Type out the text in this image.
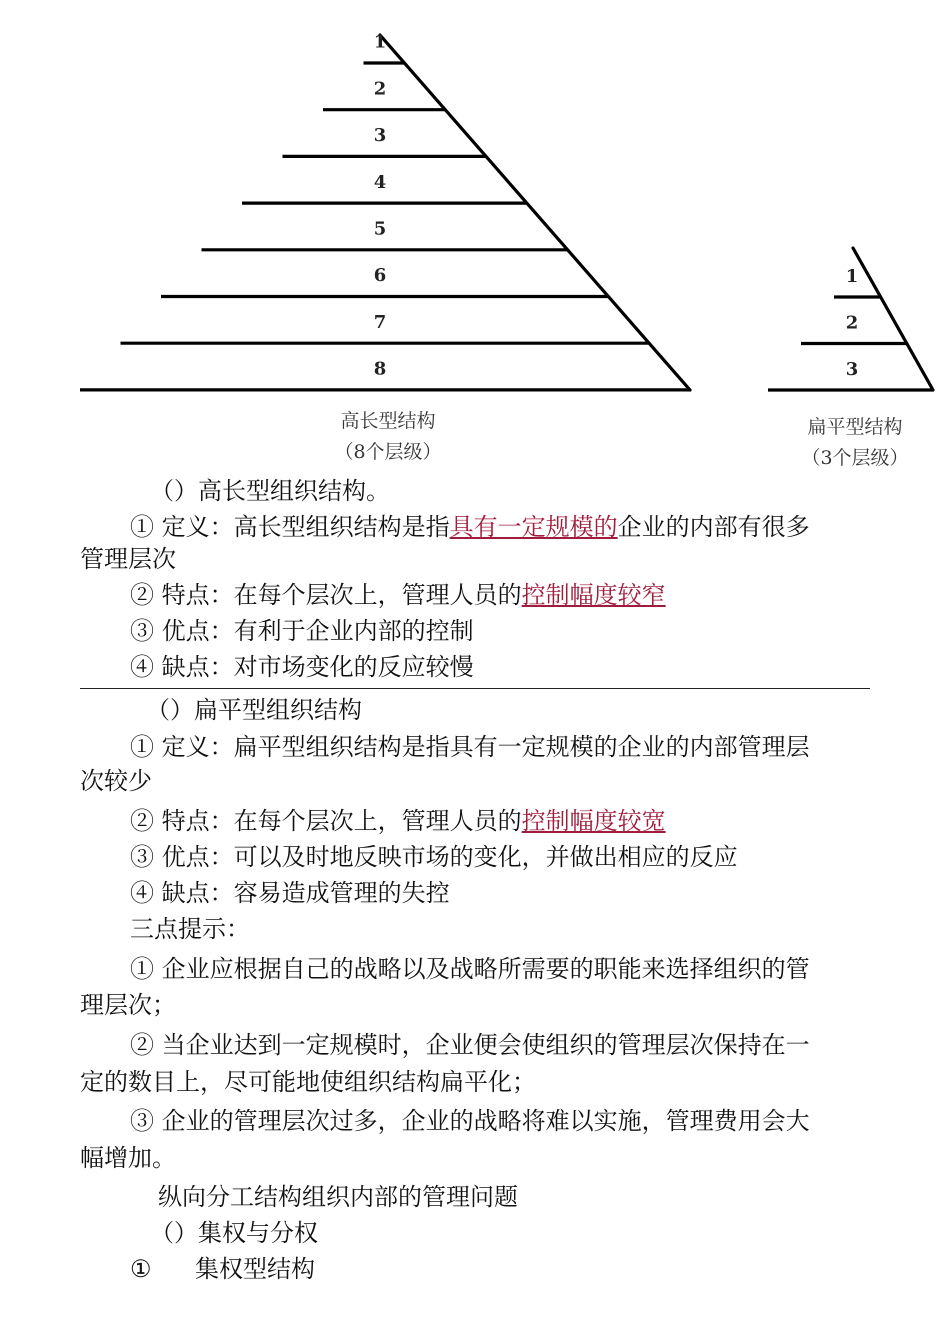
1
2
3
4
5
6
7
8
1
2
3
高长型结构
（8个层级）
扁平型结构
（3个层级）
（）高长型组织结构。
① 定义：高长型组织结构是指具有一定规模的企业的内部有很多
管理层次
② 特点：在每个层次上，管理人员的控制幅度较窄
③ 优点：有利于企业内部的控制
④ 缺点：对市场变化的反应较慢
（）扁平型组织结构
① 定义：扁平型组织结构是指具有一定规模的企业的内部管理层
次较少
② 特点：在每个层次上，管理人员的控制幅度较宽
③ 优点：可以及时地反映市场的变化，并做出相应的反应
④ 缺点：容易造成管理的失控
三点提示：
① 企业应根据自己的战略以及战略所需要的职能来选择组织的管
理层次；
② 当企业达到一定规模时，企业便会使组织的管理层次保持在一
定的数目上，尽可能地使组织结构扁平化；
③ 企业的管理层次过多，企业的战略将难以实施，管理费用会大
幅增加。
纵向分工结构组织内部的管理问题
（）集权与分权
① 集权型结构
